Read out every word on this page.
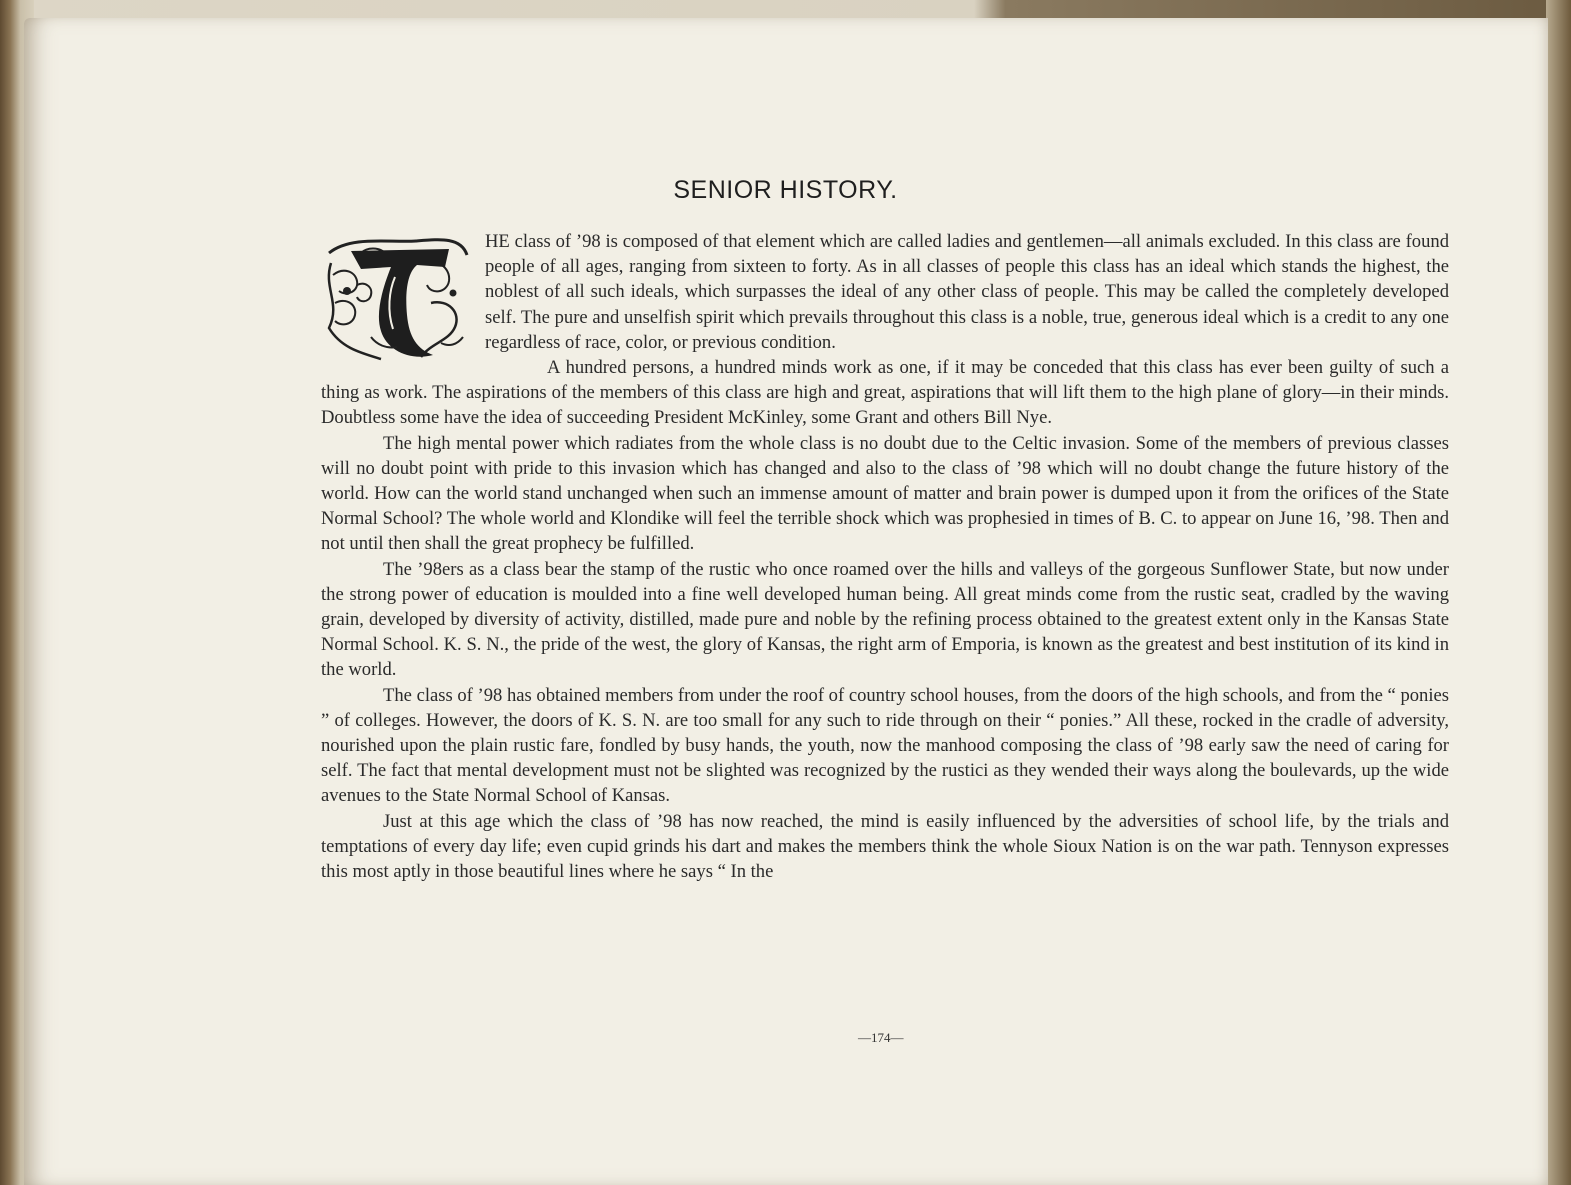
SENIOR HISTORY.

HE class of ’98 is composed of that element which are called ladies and gentlemen—all animals excluded. In this class are found people of all ages, ranging from sixteen to forty. As in all classes of people this class has an ideal which stands the highest, the noblest of all such ideals, which surpasses the ideal of any other class of people. This may be called the completely developed self. The pure and unselfish spirit which prevails throughout this class is a noble, true, generous ideal which is a credit to any one regardless of race, color, or previous condition.

A hundred persons, a hundred minds work as one, if it may be conceded that this class has ever been guilty of such a thing as work. The aspirations of the members of this class are high and great, aspirations that will lift them to the high plane of glory—in their minds. Doubtless some have the idea of succeeding President McKinley, some Grant and others Bill Nye.

The high mental power which radiates from the whole class is no doubt due to the Celtic invasion. Some of the members of previous classes will no doubt point with pride to this invasion which has changed and also to the class of ’98 which will no doubt change the future history of the world. How can the world stand unchanged when such an immense amount of matter and brain power is dumped upon it from the orifices of the State Normal School? The whole world and Klondike will feel the terrible shock which was prophesied in times of B. C. to appear on June 16, ’98. Then and not until then shall the great prophecy be fulfilled.

The ’98ers as a class bear the stamp of the rustic who once roamed over the hills and valleys of the gorgeous Sunflower State, but now under the strong power of education is moulded into a fine well developed human being. All great minds come from the rustic seat, cradled by the waving grain, developed by diversity of activity, distilled, made pure and noble by the refining process obtained to the greatest extent only in the Kansas State Normal School. K. S. N., the pride of the west, the glory of Kansas, the right arm of Emporia, is known as the greatest and best institution of its kind in the world.

The class of ’98 has obtained members from under the roof of country school houses, from the doors of the high schools, and from the “ ponies ” of colleges. However, the doors of K. S. N. are too small for any such to ride through on their “ ponies.” All these, rocked in the cradle of adversity, nourished upon the plain rustic fare, fondled by busy hands, the youth, now the manhood composing the class of ’98 early saw the need of caring for self. The fact that mental development must not be slighted was recognized by the rustici as they wended their ways along the boulevards, up the wide avenues to the State Normal School of Kansas.

Just at this age which the class of ’98 has now reached, the mind is easily influenced by the adversities of school life, by the trials and temptations of every day life; even cupid grinds his dart and makes the members think the whole Sioux Nation is on the war path. Tennyson expresses this most aptly in those beautiful lines where he says “ In the

—174—
